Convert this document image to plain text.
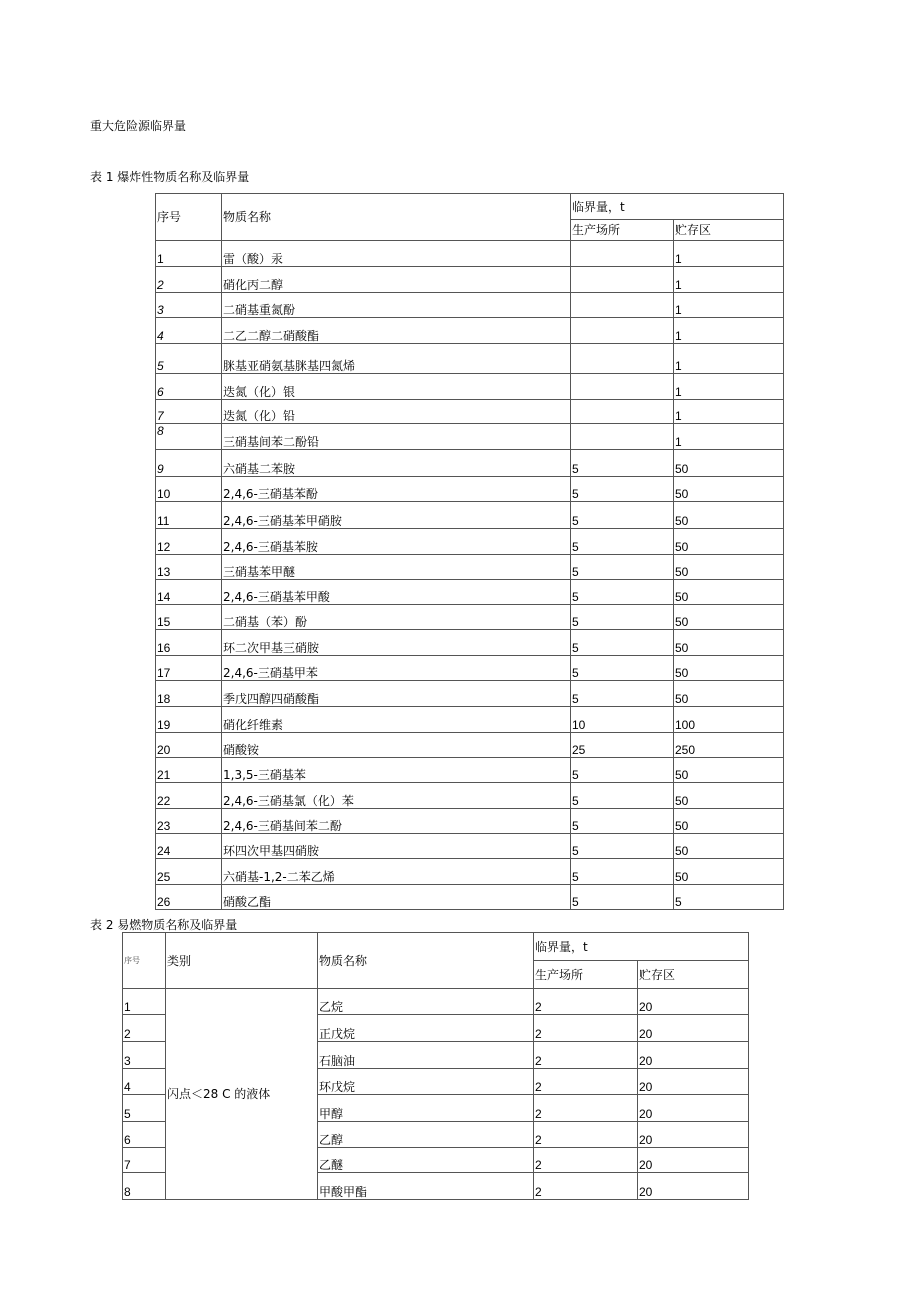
重大危险源临界量
表 1 爆炸性物质名称及临界量
序号	物质名称	临界量，t	
		生产场所	贮存区
1	雷（酸）汞		1
2	硝化丙二醇		1
3	二硝基重氮酚		1
4	二乙二醇二硝酸酯		1
5	脒基亚硝氨基脒基四氮烯		1
6	迭氮（化）银		1
7	迭氮（化）铅		1
8	三硝基间苯二酚铅		1
9	六硝基二苯胺	5	50
10	2,4,6-三硝基苯酚	5	50
11	2,4,6-三硝基苯甲硝胺	5	50
12	2,4,6-三硝基苯胺	5	50
13	三硝基苯甲醚	5	50
14	2,4,6-三硝基苯甲酸	5	50
15	二硝基（苯）酚	5	50
16	环二次甲基三硝胺	5	50
17	2,4,6-三硝基甲苯	5	50
18	季戊四醇四硝酸酯	5	50
19	硝化纤维素	10	100
20	硝酸铵	25	250
21	1,3,5-三硝基苯	5	50
22	2,4,6-三硝基氯（化）苯	5	50
23	2,4,6-三硝基间苯二酚	5	50
24	环四次甲基四硝胺	5	50
25	六硝基-1,2-二苯乙烯	5	50
26	硝酸乙酯	5	5
表 2 易燃物质名称及临界量
序号	类别	物质名称	临界量，t	
			生产场所	贮存区
1	闪点＜28 C 的液体	乙烷	2	20
2		正戊烷	2	20
3		石脑油	2	20
4		环戊烷	2	20
5		甲醇	2	20
6		乙醇	2	20
7		乙醚	2	20
8		甲酸甲酯	2	20
